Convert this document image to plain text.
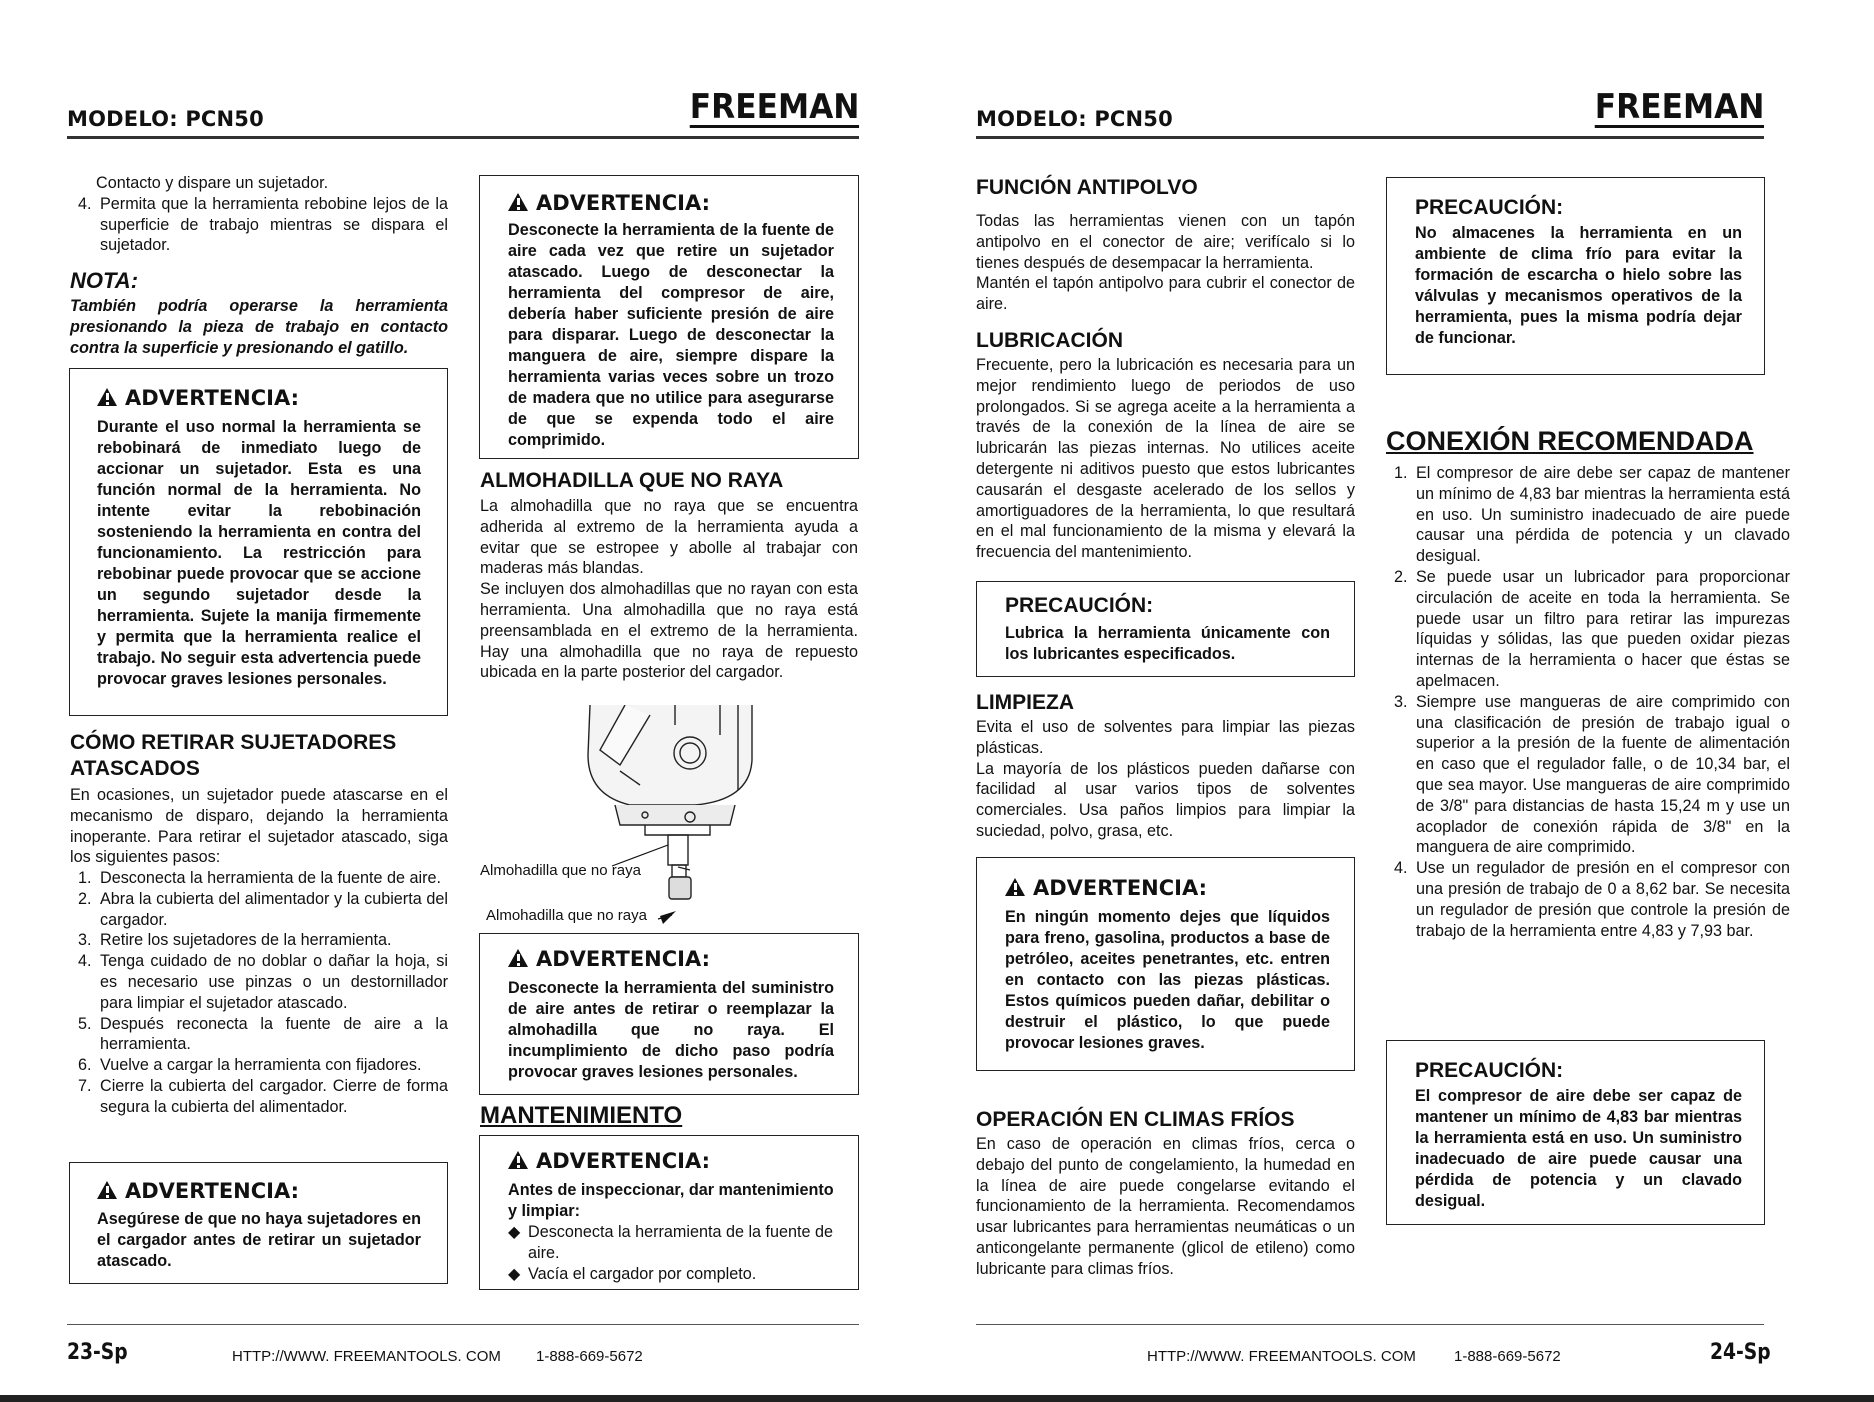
MODELO: PCN50	FREEMAN
Contacto y dispare un sujetador.
4. Permita que la herramienta rebobine lejos de la superficie de trabajo mientras se dispara el sujetador.
NOTA:
También podría operarse la herramienta presionando la pieza de trabajo en contacto contra la superficie y presionando el gatillo.
ADVERTENCIA:
Durante el uso normal la herramienta se rebobinará de inmediato luego de accionar un sujetador. Esta es una función normal de la herramienta. No intente evitar la rebobinación sosteniendo la herramienta en contra del funcionamiento. La restricción para rebobinar puede provocar que se accione un segundo sujetador desde la herramienta. Sujete la manija firmemente y permita que la herramienta realice el trabajo. No seguir esta advertencia puede provocar graves lesiones personales.
CÓMO RETIRAR SUJETADORES
ATASCADOS
En ocasiones, un sujetador puede atascarse en el mecanismo de disparo, dejando la herramienta inoperante. Para retirar el sujetador atascado, siga los siguientes pasos:
1. Desconecta la herramienta de la fuente de aire.
2. Abra la cubierta del alimentador y la cubierta del cargador.
3. Retire los sujetadores de la herramienta.
4. Tenga cuidado de no doblar o dañar la hoja, si es necesario use pinzas o un destornillador para limpiar el sujetador atascado.
5. Después reconecta la fuente de aire a la herramienta.
6. Vuelve a cargar la herramienta con fijadores.
7. Cierre la cubierta del cargador. Cierre de forma segura la cubierta del alimentador.
ADVERTENCIA:
Asegúrese de que no haya sujetadores en el cargador antes de retirar un sujetador atascado.
ADVERTENCIA:
Desconecte la herramienta de la fuente de aire cada vez que retire un sujetador atascado. Luego de desconectar la herramienta del compresor de aire, debería haber suficiente presión de aire para disparar. Luego de desconectar la manguera de aire, siempre dispare la herramienta varias veces sobre un trozo de madera que no utilice para asegurarse de que se expenda todo el aire comprimido.
ALMOHADILLA QUE NO RAYA
La almohadilla que no raya que se encuentra adherida al extremo de la herramienta ayuda a evitar que se estropee y abolle al trabajar con maderas más blandas.
Se incluyen dos almohadillas que no rayan con esta herramienta. Una almohadilla que no raya está preensamblada en el extremo de la herramienta. Hay una almohadilla que no raya de repuesto ubicada en la parte posterior del cargador.
Almohadilla que no raya
Almohadilla que no raya
ADVERTENCIA:
Desconecte la herramienta del suministro de aire antes de retirar o reemplazar la almohadilla que no raya. El incumplimiento de dicho paso podría provocar graves lesiones personales.
MANTENIMIENTO
ADVERTENCIA:
Antes de inspeccionar, dar mantenimiento y limpiar:
◆ Desconecta la herramienta de la fuente de aire.
◆ Vacía el cargador por completo.
23-Sp	HTTP://WWW. FREEMANTOOLS. COM 1-888-669-5672
MODELO: PCN50	FREEMAN
FUNCIÓN ANTIPOLVO
Todas las herramientas vienen con un tapón antipolvo en el conector de aire; verifícalo si lo tienes después de desempacar la herramienta.
Mantén el tapón antipolvo para cubrir el conector de aire.
LUBRICACIÓN
Frecuente, pero la lubricación es necesaria para un mejor rendimiento luego de periodos de uso prolongados. Si se agrega aceite a la herramienta a través de la conexión de la línea de aire se lubricarán las piezas internas. No utilices aceite detergente ni aditivos puesto que estos lubricantes causarán el desgaste acelerado de los sellos y amortiguadores de la herramienta, lo que resultará en el mal funcionamiento de la misma y elevará la frecuencia del mantenimiento.
PRECAUCIÓN:
Lubrica la herramienta únicamente con los lubricantes especificados.
LIMPIEZA
Evita el uso de solventes para limpiar las piezas plásticas.
La mayoría de los plásticos pueden dañarse con facilidad al usar varios tipos de solventes comerciales. Usa paños limpios para limpiar la suciedad, polvo, grasa, etc.
ADVERTENCIA:
En ningún momento dejes que líquidos para freno, gasolina, productos a base de petróleo, aceites penetrantes, etc. entren en contacto con las piezas plásticas. Estos químicos pueden dañar, debilitar o destruir el plástico, lo que puede provocar lesiones graves.
OPERACIÓN EN CLIMAS FRÍOS
En caso de operación en climas fríos, cerca o debajo del punto de congelamiento, la humedad en la línea de aire puede congelarse evitando el funcionamiento de la herramienta. Recomendamos usar lubricantes para herramientas neumáticas o un anticongelante permanente (glicol de etileno) como lubricante para climas fríos.
PRECAUCIÓN:
No almacenes la herramienta en un ambiente de clima frío para evitar la formación de escarcha o hielo sobre las válvulas y mecanismos operativos de la herramienta, pues la misma podría dejar de funcionar.
CONEXIÓN RECOMENDADA
1. El compresor de aire debe ser capaz de mantener un mínimo de 4,83 bar mientras la herramienta está en uso. Un suministro inadecuado de aire puede causar una pérdida de potencia y un clavado desigual.
2. Se puede usar un lubricador para proporcionar circulación de aceite en toda la herramienta. Se puede usar un filtro para retirar las impurezas líquidas y sólidas, las que pueden oxidar piezas internas de la herramienta o hacer que éstas se apelmacen.
3. Siempre use mangueras de aire comprimido con una clasificación de presión de trabajo igual o superior a la presión de la fuente de alimentación en caso que el regulador falle, o de 10,34 bar, el que sea mayor. Use mangueras de aire comprimido de 3/8" para distancias de hasta 15,24 m y use un acoplador de conexión rápida de 3/8" en la manguera de aire comprimido.
4. Use un regulador de presión en el compresor con una presión de trabajo de 0 a 8,62 bar. Se necesita un regulador de presión que controle la presión de trabajo de la herramienta entre 4,83 y 7,93 bar.
PRECAUCIÓN:
El compresor de aire debe ser capaz de mantener un mínimo de 4,83 bar mientras la herramienta está en uso. Un suministro inadecuado de aire puede causar una pérdida de potencia y un clavado desigual.
HTTP://WWW. FREEMANTOOLS. COM	1-888-669-5672	24-Sp
